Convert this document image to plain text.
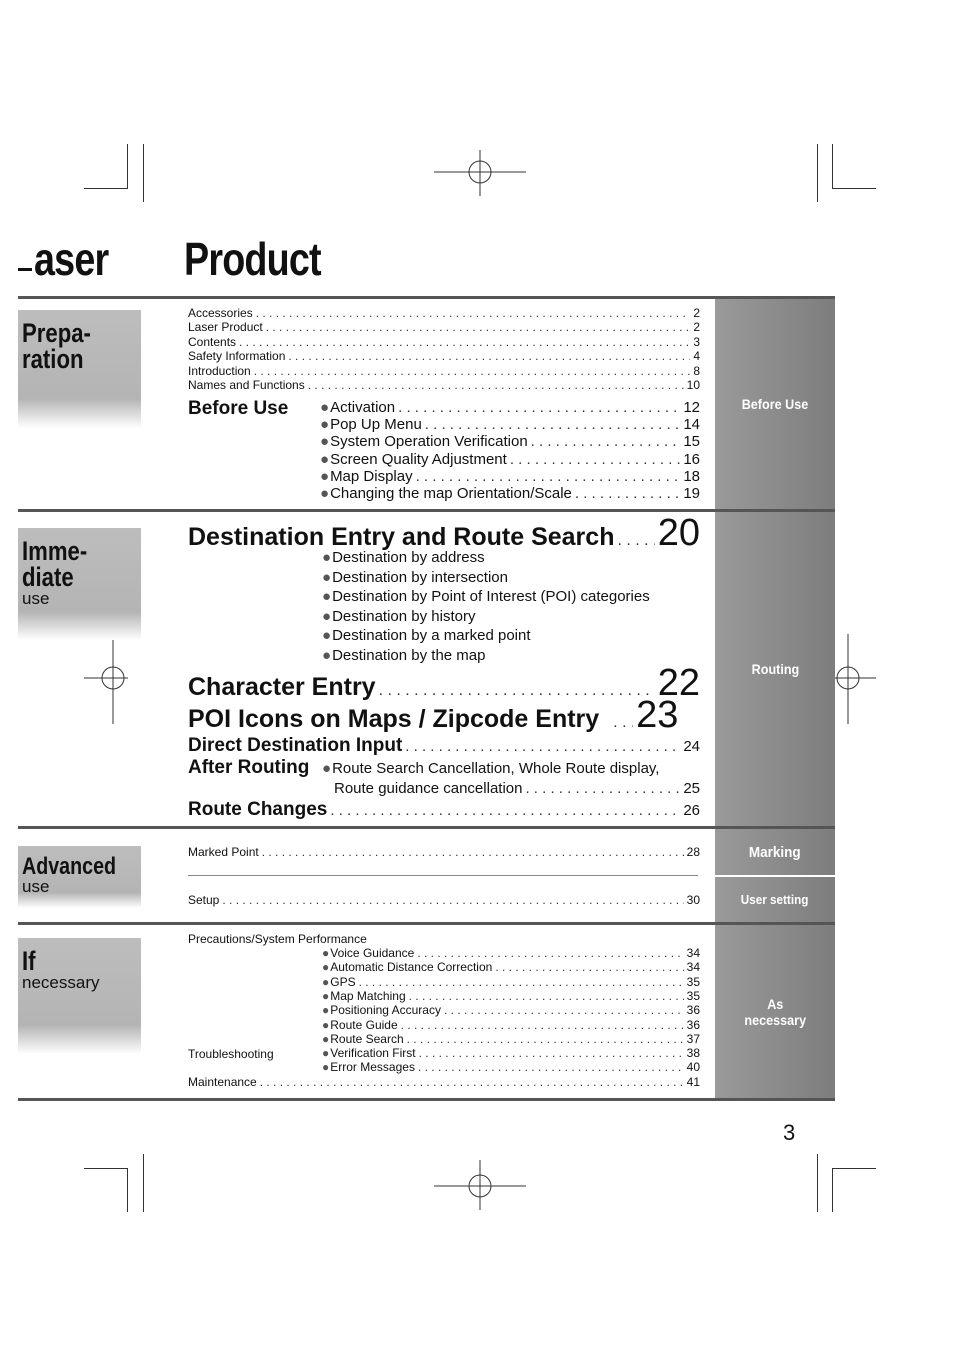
aser Product
Before Use
Routing
Marking
User setting
As
necessary
Prepa-
ration
Imme-
diate
use
Advanced
use
If
necessary
Accessories . . .	2
Laser Product . . .	2
Contents . . .	3
Safety Information . . .	4
Introduction . . .	8
Names and Functions . . .	10
Before Use ●Activation . . .	12
●Pop Up Menu . . .	14
●System Operation Verification . . .	15
●Screen Quality Adjustment . . .	16
●Map Display . . .	18
●Changing the map Orientation/Scale . . .	19
Destination Entry and Route Search . . . 20
●Destination by address
●Destination by intersection
●Destination by Point of Interest (POI) categories
●Destination by history
●Destination by a marked point
●Destination by the map
Character Entry . . .	22
POI Icons on Maps / Zipcode Entry . . . 23
Direct Destination Input . . .	24
After Routing ●Route Search Cancellation, Whole Route display,
Route guidance cancellation . . .	25
Route Changes . . .	26
Marked Point . . .	28
Setup . . .	30
Precautions/System Performance
●Voice Guidance . . .	34
●Automatic Distance Correction . . .	34
●GPS . . .	35
●Map Matching . . .	35
●Positioning Accuracy . . .	36
●Route Guide . . .	36
●Route Search . . .	37
Troubleshooting	●Verification First . . .	38
●Error Messages . . .	40
Maintenance . . .	41
3
